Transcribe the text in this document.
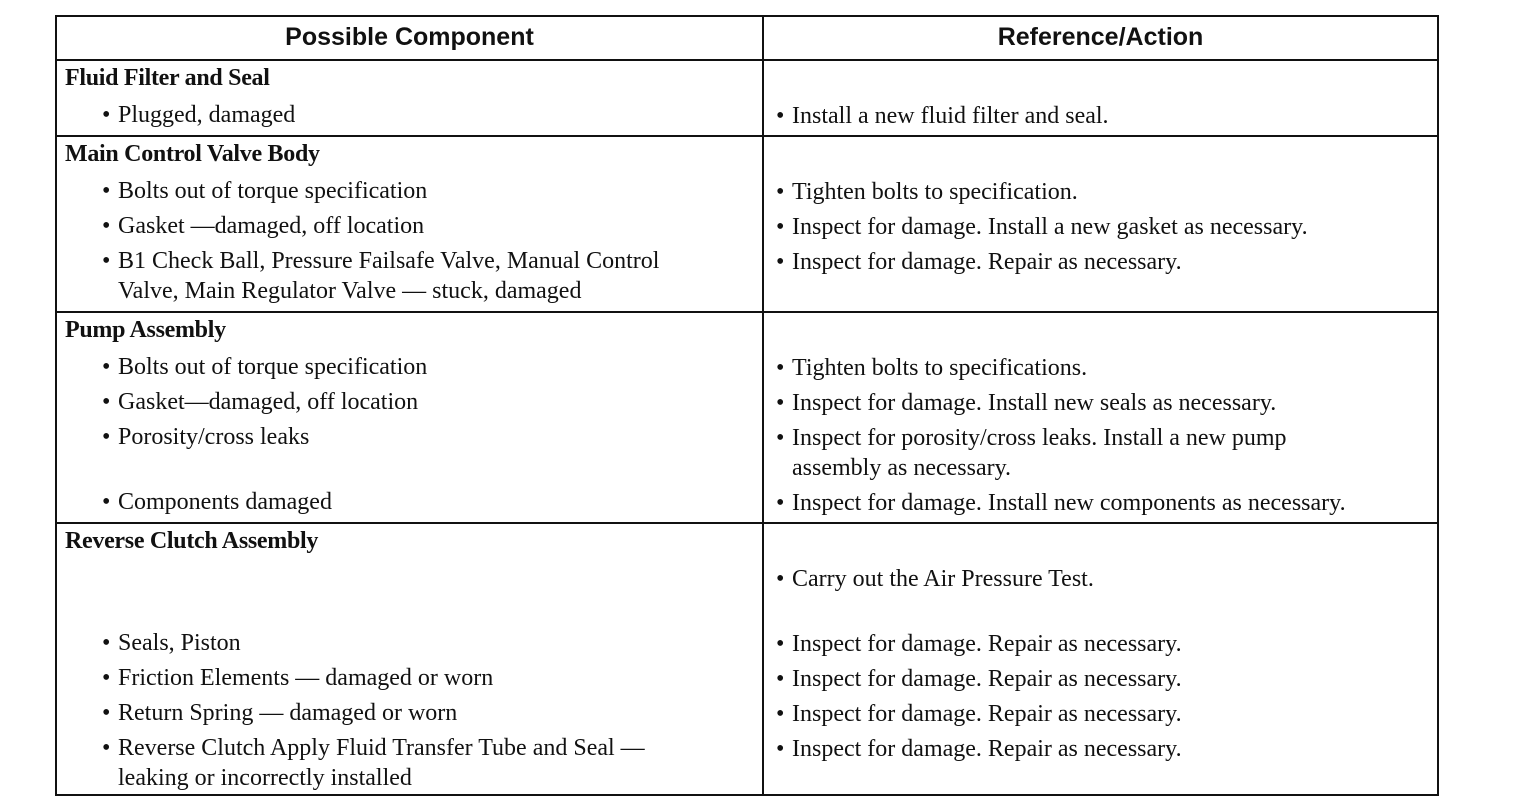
Possible Component	Reference/Action
Fluid Filter and Seal
• Plugged, damaged	• Install a new fluid filter and seal.
Main Control Valve Body
• Bolts out of torque specification
• Gasket —damaged, off location
• B1 Check Ball, Pressure Failsafe Valve, Manual Control
Valve, Main Regulator Valve — stuck, damaged
• Tighten bolts to specification.
• Inspect for damage. Install a new gasket as necessary.
• Inspect for damage. Repair as necessary.
Pump Assembly
• Bolts out of torque specification
• Gasket—damaged, off location
• Porosity/cross leaks
• Components damaged
• Tighten bolts to specifications.
• Inspect for damage. Install new seals as necessary.
• Inspect for porosity/cross leaks. Install a new pump
assembly as necessary.
• Inspect for damage. Install new components as necessary.
Reverse Clutch Assembly
• Seals, Piston
• Friction Elements — damaged or worn
• Return Spring — damaged or worn
• Reverse Clutch Apply Fluid Transfer Tube and Seal —
leaking or incorrectly installed
• Carry out the Air Pressure Test.
• Inspect for damage. Repair as necessary.
• Inspect for damage. Repair as necessary.
• Inspect for damage. Repair as necessary.
• Inspect for damage. Repair as necessary.
